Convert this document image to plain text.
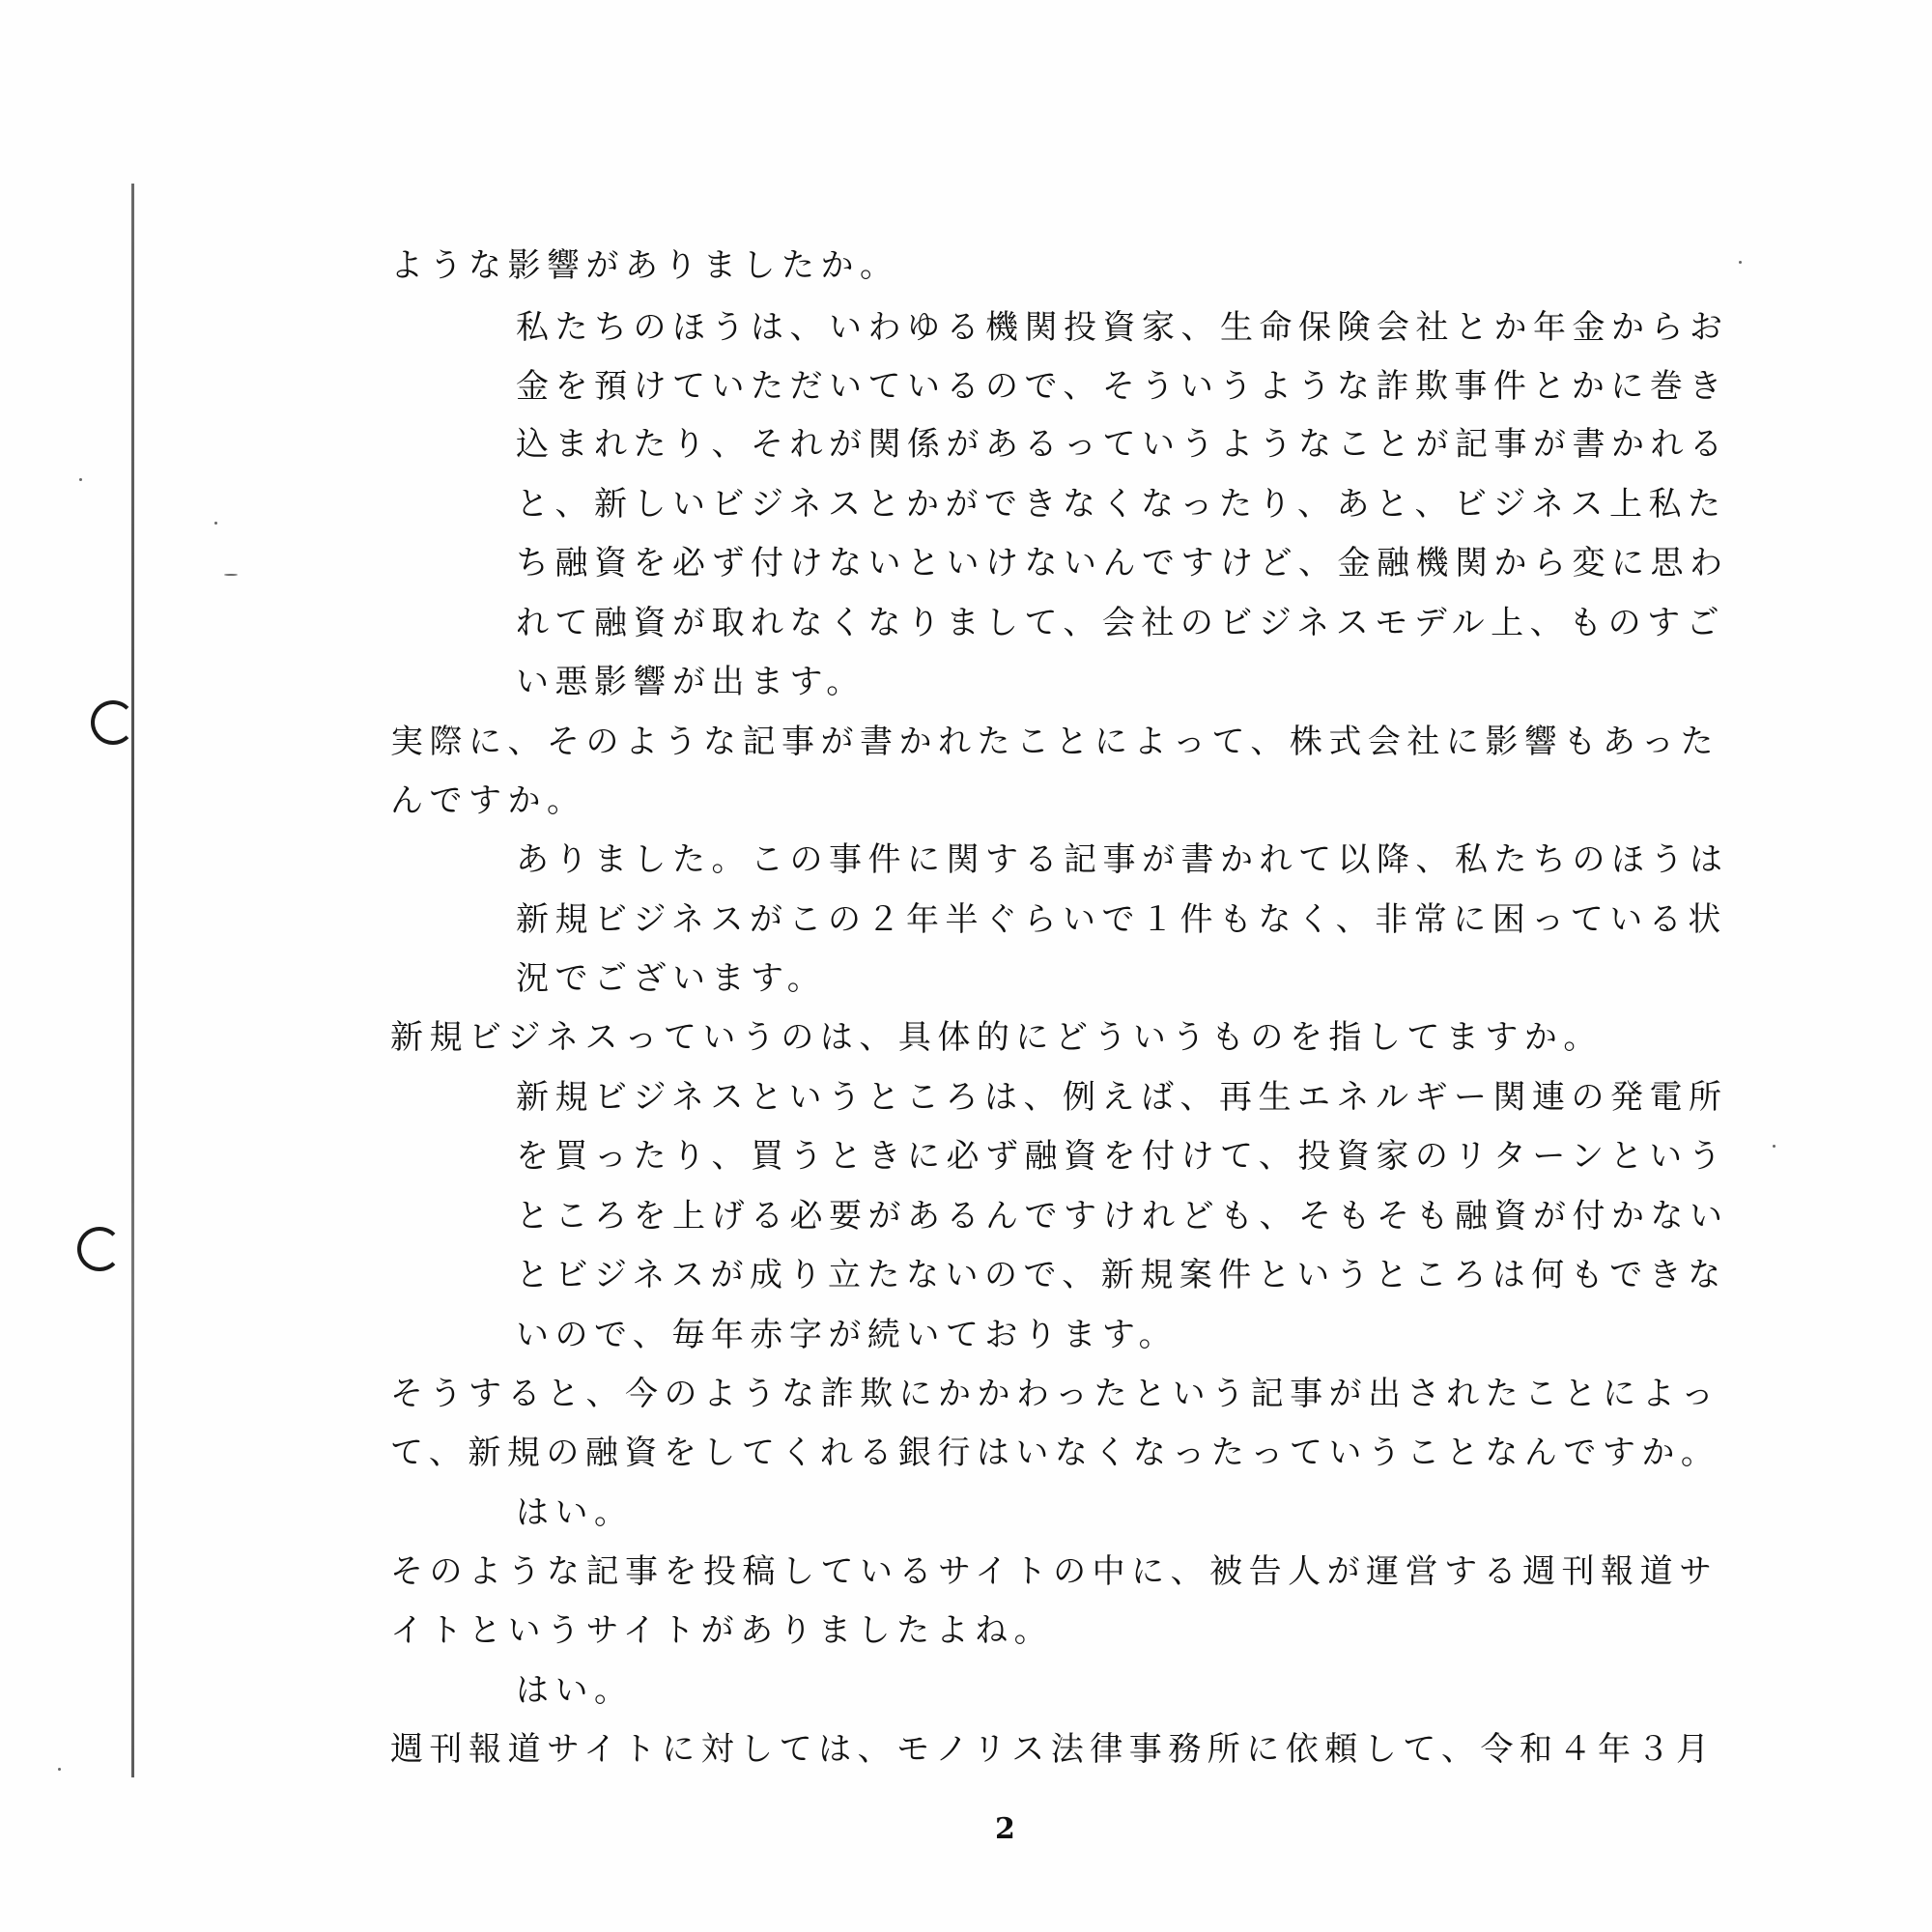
ような影響がありましたか。
私たちのほうは、いわゆる機関投資家、生命保険会社とか年金からお
金を預けていただいているので、そういうような詐欺事件とかに巻き
込まれたり、それが関係があるっていうようなことが記事が書かれる
と、新しいビジネスとかができなくなったり、あと、ビジネス上私た
ち融資を必ず付けないといけないんですけど、金融機関から変に思わ
れて融資が取れなくなりまして、会社のビジネスモデル上、ものすご
い悪影響が出ます。
実際に、そのような記事が書かれたことによって、株式会社に影響もあった
んですか。
ありました。この事件に関する記事が書かれて以降、私たちのほうは
新規ビジネスがこの２年半ぐらいで１件もなく、非常に困っている状
況でございます。
新規ビジネスっていうのは、具体的にどういうものを指してますか。
新規ビジネスというところは、例えば、再生エネルギー関連の発電所
を買ったり、買うときに必ず融資を付けて、投資家のリターンという
ところを上げる必要があるんですけれども、そもそも融資が付かない
とビジネスが成り立たないので、新規案件というところは何もできな
いので、毎年赤字が続いております。
そうすると、今のような詐欺にかかわったという記事が出されたことによっ
て、新規の融資をしてくれる銀行はいなくなったっていうことなんですか。
はい。
そのような記事を投稿しているサイトの中に、被告人が運営する週刊報道サ
イトというサイトがありましたよね。
はい。
週刊報道サイトに対しては、モノリス法律事務所に依頼して、令和４年３月
2
